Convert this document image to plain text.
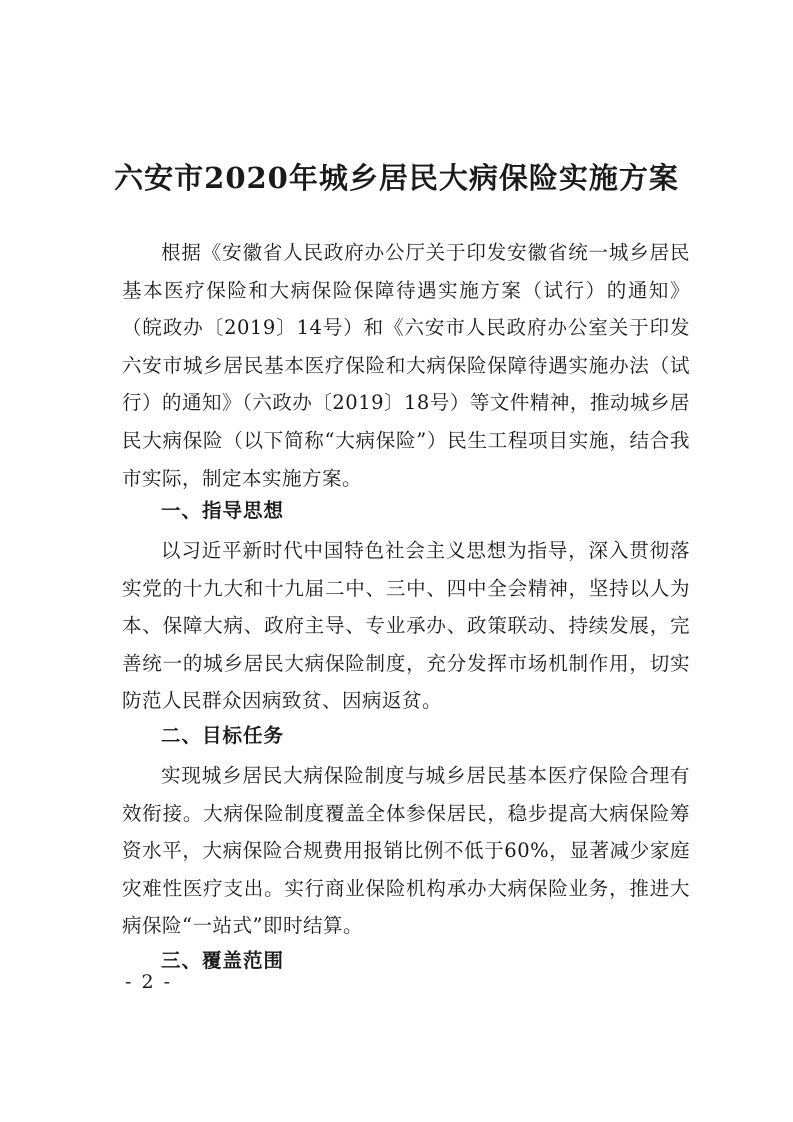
六安市2020年城乡居民大病保险实施方案
根据《安徽省人民政府办公厅关于印发安徽省统一城乡居民基本医疗保险和大病保险保障待遇实施方案（试行）的通知》（皖政办〔2019〕14号）和《六安市人民政府办公室关于印发六安市城乡居民基本医疗保险和大病保险保障待遇实施办法（试行）的通知》（六政办〔2019〕18号）等文件精神，推动城乡居民大病保险（以下简称“大病保险”）民生工程项目实施，结合我市实际，制定本实施方案。
一、指导思想
以习近平新时代中国特色社会主义思想为指导，深入贯彻落实党的十九大和十九届二中、三中、四中全会精神，坚持以人为本、保障大病、政府主导、专业承办、政策联动、持续发展，完善统一的城乡居民大病保险制度，充分发挥市场机制作用，切实防范人民群众因病致贫、因病返贫。
二、目标任务
实现城乡居民大病保险制度与城乡居民基本医疗保险合理有效衔接。大病保险制度覆盖全体参保居民，稳步提高大病保险筹资水平，大病保险合规费用报销比例不低于60%，显著减少家庭灾难性医疗支出。实行商业保险机构承办大病保险业务，推进大病保险“一站式”即时结算。
三、覆盖范围
- 2 -
